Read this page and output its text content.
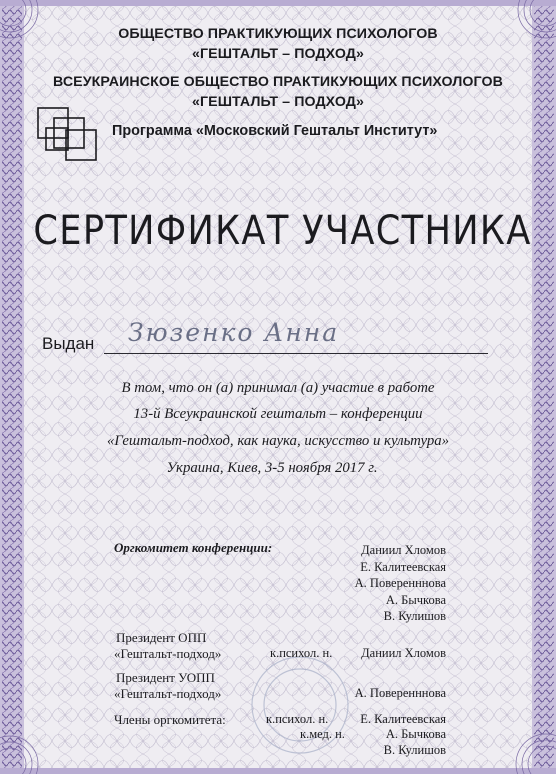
ОБЩЕСТВО ПРАКТИКУЮЩИХ ПСИХОЛОГОВ

«ГЕШТАЛЬТ – ПОДХОД»

ВСЕУКРАИНСКОЕ ОБЩЕСТВО ПРАКТИКУЮЩИХ ПСИХОЛОГОВ

«ГЕШТАЛЬТ – ПОДХОД»

Программа «Московский Гештальт Институт»

СЕРТИФИКАТ УЧАСТНИКА

Выдан Зюзенко Анна

В том, что он (а) принимал (а) участие в работе

13-й Всеукраинской гештальт – конференции

«Гештальт-подход, как наука, искусство и культура»

Украина, Киев, 3-5 ноября 2017 г.

Оргкомитет конференции:	Даниил Хломов

Е. Калитеевская

А. Поверенннова

А. Бычкова

В. Кулишов

Президент ОПП

«Гештальт-подход»	к.психол. н. Даниил Хломов

Президент УОПП

«Гештальт-подход»	А. Поверенннова

Члены оргкомитета:	к.психол. н.	Е. Калитеевская

к.мед. н.	А. Бычкова

В. Кулишов
